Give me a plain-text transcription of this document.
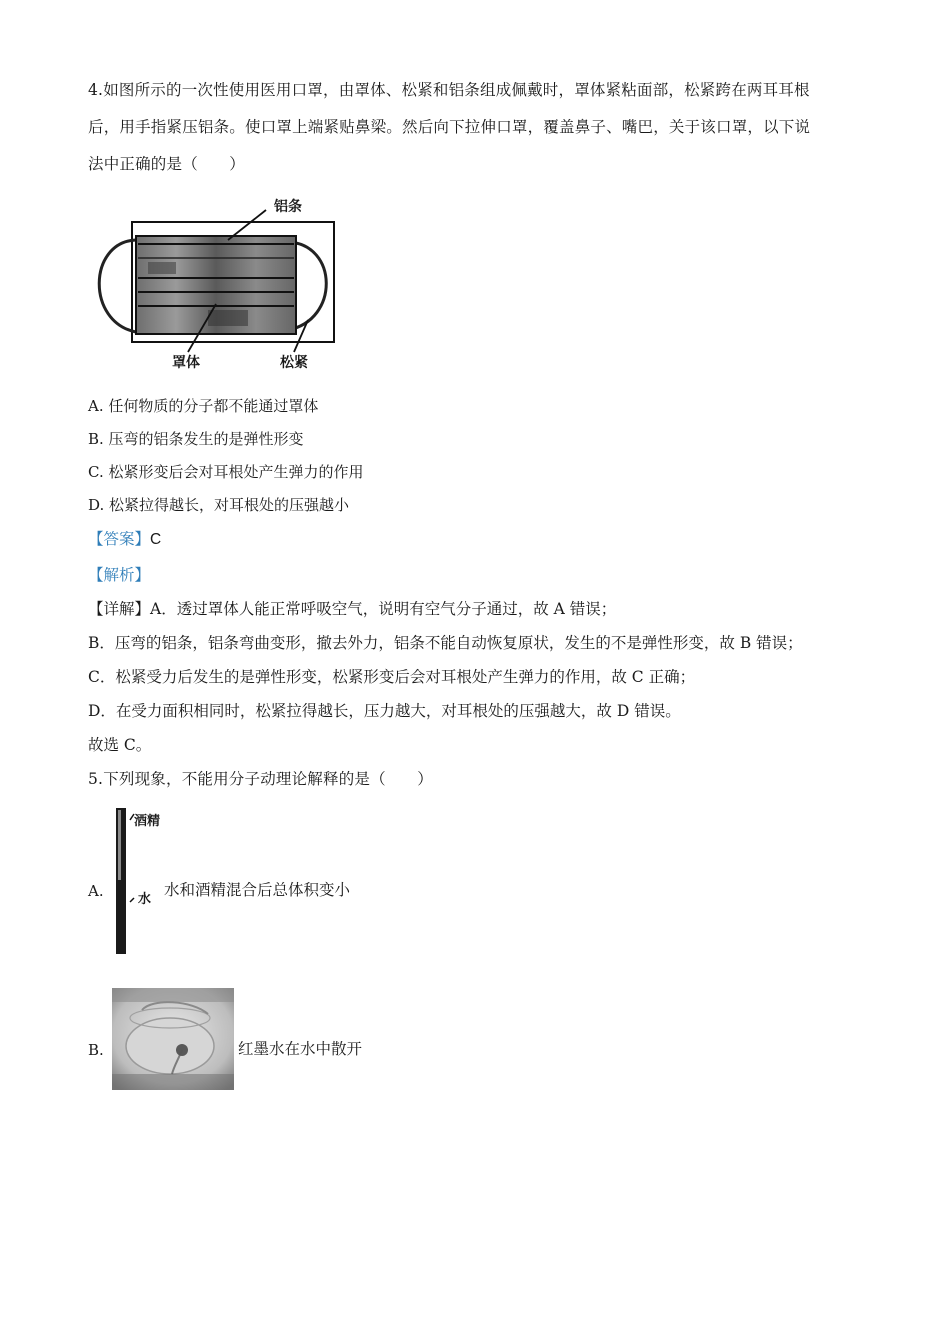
4.如图所示的一次性使用医用口罩，由罩体、松紧和铝条组成佩戴时，罩体紧粘面部，松紧跨在两耳耳根
后，用手指紧压铝条。使口罩上端紧贴鼻梁。然后向下拉伸口罩，覆盖鼻子、嘴巴，关于该口罩，以下说
法中正确的是（　　）
铝条
罩体	松紧
A. 任何物质的分子都不能通过罩体
B. 压弯的铝条发生的是弹性形变
C. 松紧形变后会对耳根处产生弹力的作用
D. 松紧拉得越长，对耳根处的压强越小
【答案】C
【解析】
【详解】A．透过罩体人能正常呼吸空气，说明有空气分子通过，故 A 错误；
B．压弯的铝条，铝条弯曲变形，撤去外力，铝条不能自动恢复原状，发生的不是弹性形变，故 B 错误；
C．松紧受力后发生的是弹性形变，松紧形变后会对耳根处产生弹力的作用，故 C 正确；
D．在受力面积相同时，松紧拉得越长，压力越大，对耳根处的压强越大，故 D 错误。
故选 C。
5.下列现象，不能用分子动理论解释的是（　　）
A.
酒精
水
水和酒精混合后总体积变小
B.	红墨水在水中散开
